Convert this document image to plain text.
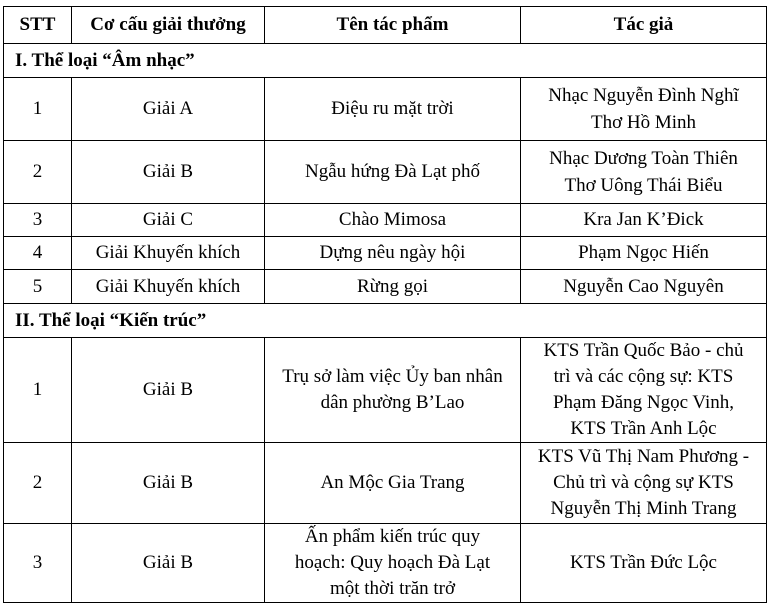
STT	Cơ cấu giải thưởng	Tên tác phẩm	Tác giả
I. Thể loại “Âm nhạc”			
1	Giải A	Điệu ru mặt trời	Nhạc Nguyễn Đình Nghĩ
Thơ Hồ Minh
2	Giải B	Ngẫu hứng Đà Lạt phố	Nhạc Dương Toàn Thiên
Thơ Uông Thái Biểu
3	Giải C	Chào Mimosa	Kra Jan K’Đick
4	Giải Khuyến khích	Dựng nêu ngày hội	Phạm Ngọc Hiến
5	Giải Khuyến khích	Rừng gọi	Nguyễn Cao Nguyên
II. Thể loại “Kiến trúc”			
1	Giải B	Trụ sở làm việc Ủy ban nhân
dân phường B’Lao	KTS Trần Quốc Bảo - chủ
trì và các cộng sự: KTS
Phạm Đăng Ngọc Vinh,
KTS Trần Anh Lộc
2	Giải B	An Mộc Gia Trang	KTS Vũ Thị Nam Phương -
Chủ trì và cộng sự KTS
Nguyễn Thị Minh Trang
3	Giải B	Ấn phẩm kiến trúc quy
hoạch: Quy hoạch Đà Lạt
một thời trăn trở	KTS Trần Đức Lộc
